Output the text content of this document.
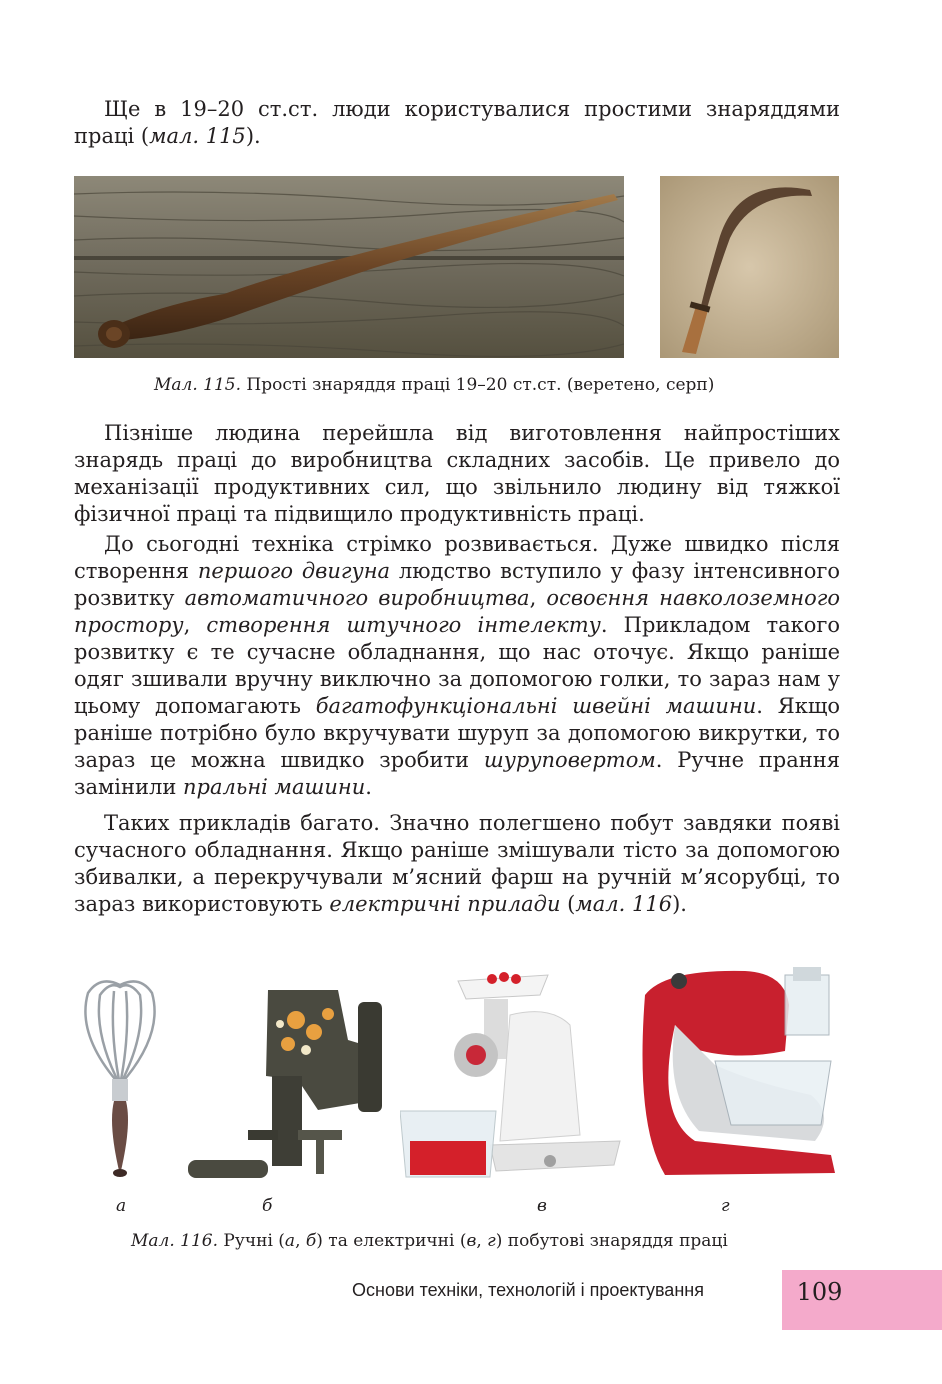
Ще в 19–20 ст.ст. люди користувалися простими знаряддями праці (мал. 115).

Мал. 115. Прості знаряддя праці 19–20 ст.ст. (веретено, серп)

Пізніше людина перейшла від виготовлення найпростіших знарядь праці до виробництва складних засобів. Це привело до механізації продуктивних сил, що звільнило людину від тяжкої фізичної праці та підвищило продуктивність праці.

До сьогодні техніка стрімко розвивається. Дуже швидко після створення першого двигуна людство вступило у фазу інтенсивного розвитку автоматичного виробництва, освоєння навколоземного простору, створення штучного інтелекту. Прикладом такого розвитку є те сучасне обладнання, що нас оточує. Якщо раніше одяг зшивали вручну виключно за допомогою голки, то зараз нам у цьому допомагають багатофункціональні швейні машини. Якщо раніше потрібно було вкручувати шуруп за допомогою викрутки, то зараз це можна швидко зробити шуруповертом. Ручне прання замінили пральні машини.

Таких прикладів багато. Значно полегшено побут завдяки появі сучасного обладнання. Якщо раніше змішували тісто за допомогою збивалки, а перекручували м’ясний фарш на ручній м’ясорубці, то зараз використовують електричні прилади (мал. 116).

а	б	в	г

Мал. 116. Ручні (а, б) та електричні (в, г) побутові знаряддя праці

Основи техніки, технологій і проектування	109
